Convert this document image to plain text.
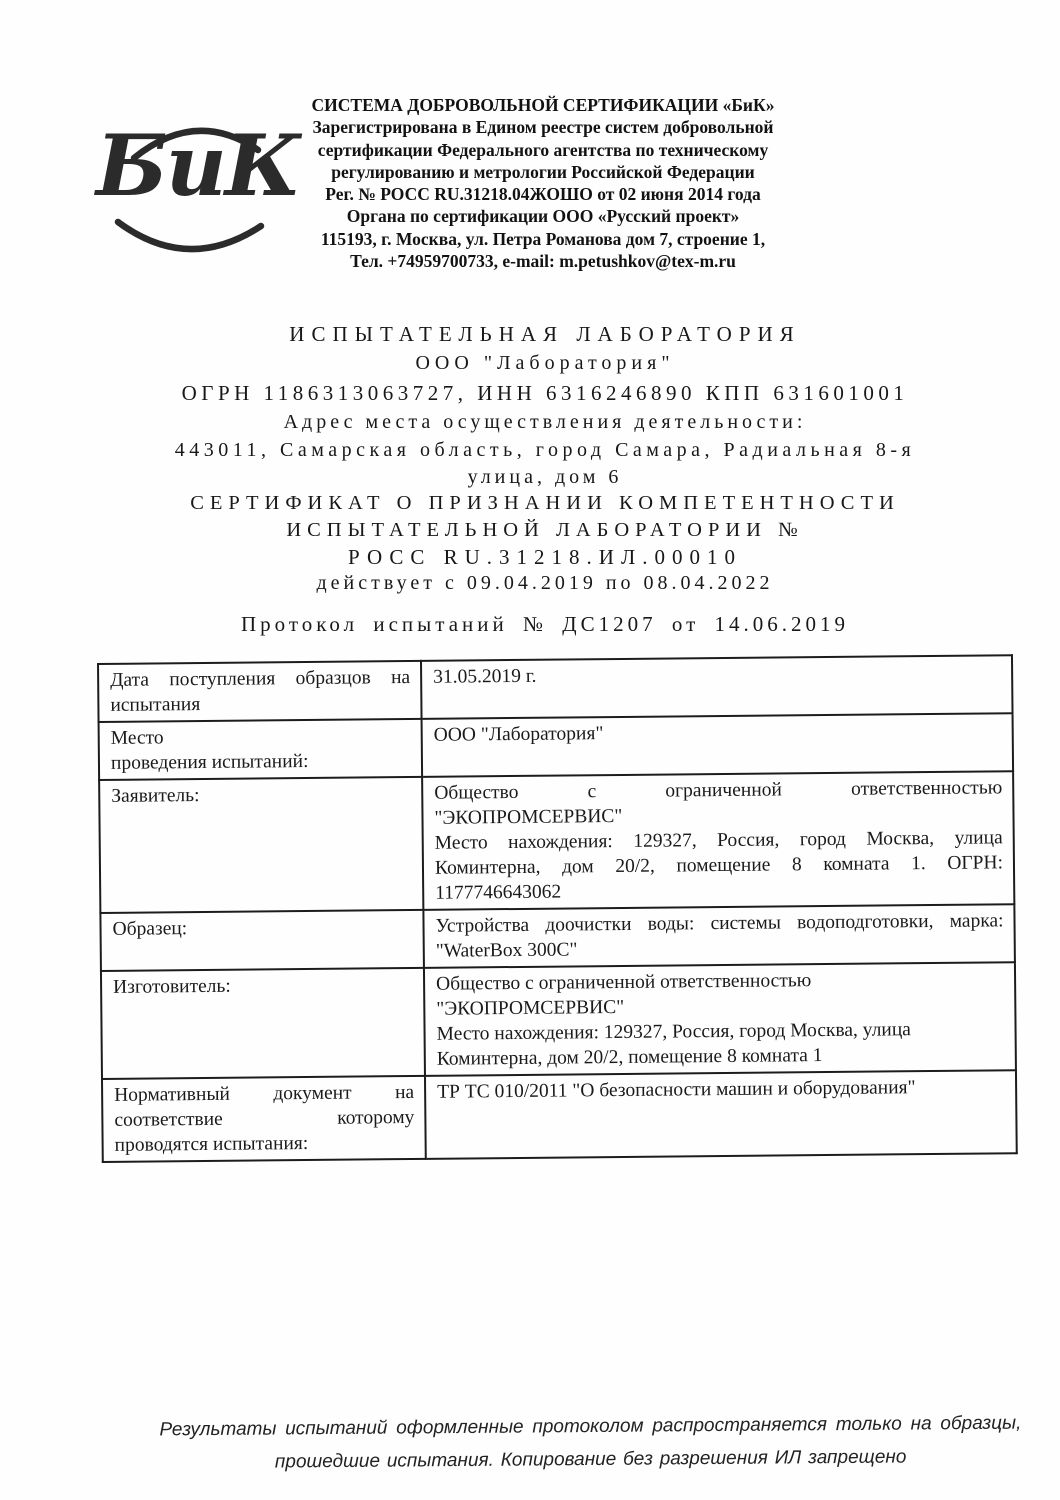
БиК
СИСТЕМА ДОБРОВОЛЬНОЙ СЕРТИФИКАЦИИ «БиК»
Зарегистрирована в Едином реестре систем добровольной
сертификации Федерального агентства по техническому
регулированию и метрологии Российской Федерации
Рег. № РОСС RU.31218.04ЖОШО от 02 июня 2014 года
Органа по сертификации ООО «Русский проект»
115193, г. Москва, ул. Петра Романова дом 7, строение 1,
Тел. +74959700733, e-mail: m.petushkov@tex-m.ru
ИСПЫТАТЕЛЬНАЯ ЛАБОРАТОРИЯ
ООО "Лаборатория"
ОГРН 1186313063727, ИНН 6316246890 КПП 631601001
Адрес места осуществления деятельности:
443011, Самарская область, город Самара, Радиальная 8-я
улица, дом 6
СЕРТИФИКАТ О ПРИЗНАНИИ КОМПЕТЕНТНОСТИ
ИСПЫТАТЕЛЬНОЙ ЛАБОРАТОРИИ №
РОСС RU.31218.ИЛ.00010
действует с 09.04.2019 по 08.04.2022
Протокол испытаний № ДС1207 от 14.06.2019
Дата поступления образцов на
испытания	31.05.2019 г.

Место
проведения испытаний:	ООО "Лаборатория"

Заявитель:	Общество с ограниченной ответственностью
"ЭКОПРОМСЕРВИС"
Место нахождения: 129327, Россия, город Москва, улица
Коминтерна, дом 20/2, помещение 8 комната 1. ОГРН:
1177746643062

Образец:	Устройства доочистки воды: системы водоподготовки, марка:
"WaterBox 300C"

Изготовитель:	Общество с ограниченной ответственностью
"ЭКОПРОМСЕРВИС"
Место нахождения: 129327, Россия, город Москва, улица
Коминтерна, дом 20/2, помещение 8 комната 1

Нормативный документ на
соответствие которому
проводятся испытания:	ТР ТС 010/2011 "О безопасности машин и оборудования"
Результаты испытаний оформленные протоколом распространяется только на образцы,
прошедшие испытания. Копирование без разрешения ИЛ запрещено
